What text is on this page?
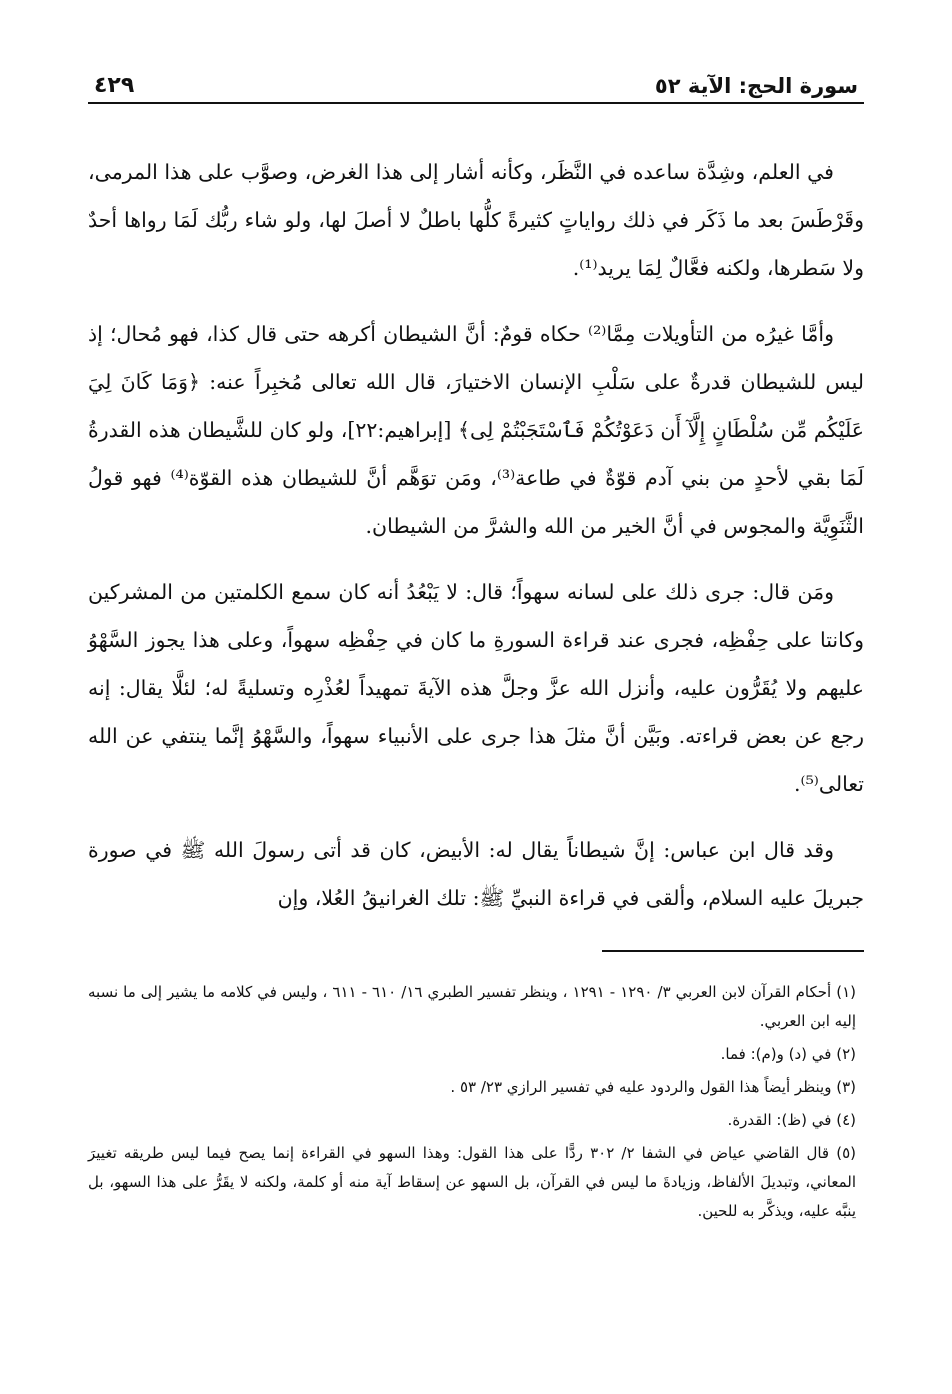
سورة الحج: الآية ٥٢
٤٢٩

في العلم، وشِدَّة ساعده في النَّظَر، وكأنه أشار إلى هذا الغرض، وصوَّب على هذا المرمى، وقَرْطَسَ بعد ما ذَكَر في ذلك رواياتٍ كثيرةً كلُّها باطلٌ لا أصلَ لها، ولو شاء ربُّك لَمَا رواها أحدٌ ولا سَطرها، ولكنه فعَّالٌ لِمَا يريد⁽¹⁾.

وأمَّا غيرُه من التأويلات مِمَّا⁽²⁾ حكاه قومٌ: أنَّ الشيطان أكرهه حتى قال كذا، فهو مُحال؛ إذ ليس للشيطان قدرةٌ على سَلْبِ الإنسان الاختيارَ، قال الله تعالى مُخبِراً عنه: ﴿وَمَا كَانَ لِيَ عَلَيْكُم مِّن سُلْطَانٍ إِلَّآ أَن دَعَوْتُكُمْ فَٱسْتَجَبْتُمْ لِى﴾ [إبراهيم:٢٢]، ولو كان للشَّيطان هذه القدرةُ لَمَا بقي لأحدٍ من بني آدم قوّةٌ في طاعة⁽³⁾، ومَن توَهَّم أنَّ للشيطان هذه القوّة⁽⁴⁾ فهو قولُ الثَّنَوِيَّة والمجوس في أنَّ الخير من الله والشرَّ من الشيطان.

ومَن قال: جرى ذلك على لسانه سهواً؛ قال: لا يَبْعُدُ أنه كان سمع الكلمتين من المشركين وكانتا على حِفْظِه، فجرى عند قراءة السورةِ ما كان في حِفْظِه سهواً، وعلى هذا يجوز السَّهْوُ عليهم ولا يُقَرُّون عليه، وأنزل الله عزَّ وجلَّ هذه الآيةَ تمهيداً لعُذْرِه وتسليةً له؛ لئلَّا يقال: إنه رجع عن بعض قراءته. وبَيَّن أنَّ مثلَ هذا جرى على الأنبياء سهواً، والسَّهْوُ إنَّما ينتفي عن الله تعالى⁽⁵⁾.

وقد قال ابن عباس: إنَّ شيطاناً يقال له: الأبيض، كان قد أتى رسولَ الله ﷺ في صورة جبريلَ عليه السلام، وألقى في قراءة النبيِّ ﷺ: تلك الغرانيقُ العُلا، وإن

(١) أحكام القرآن لابن العربي ٣/ ١٢٩٠ - ١٢٩١ ، وينظر تفسير الطبري ١٦/ ٦١٠ - ٦١١ ، وليس في كلامه ما يشير إلى ما نسبه إليه ابن العربي.

(٢) في (د) و(م): فما.

(٣) وينظر أيضاً هذا القول والردود عليه في تفسير الرازي ٢٣/ ٥٣ .

(٤) في (ظ): القدرة.

(٥) قال القاضي عياض في الشفا ٢/ ٣٠٢ ردًّا على هذا القول: وهذا السهو في القراءة إنما يصح فيما ليس طريقه تغييرَ المعاني، وتبديلَ الألفاظ، وزيادةَ ما ليس في القرآن، بل السهو عن إسقاط آية منه أو كلمة، ولكنه لا يقَرُّ على هذا السهو، بل ينبَّه عليه، ويذكَّر به للحين.
